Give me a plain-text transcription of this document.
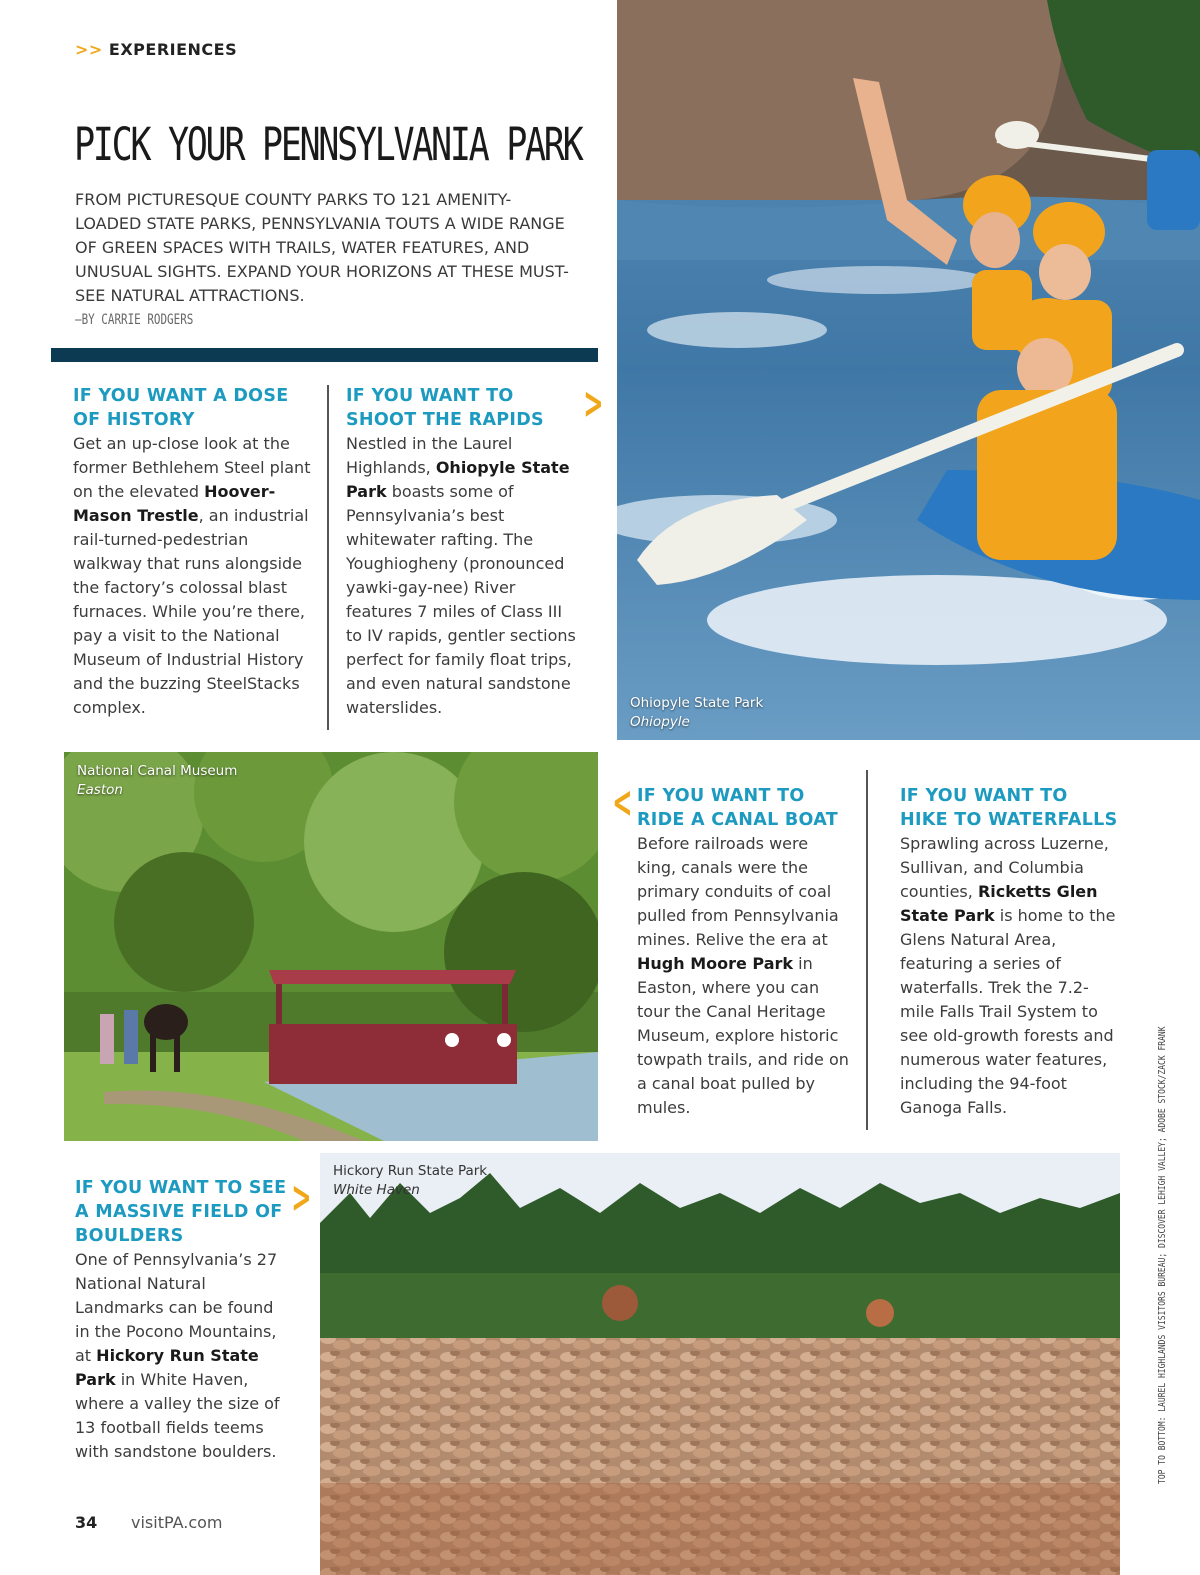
>> EXPERIENCES
PICK YOUR PENNSYLVANIA PARK
FROM PICTURESQUE COUNTY PARKS TO 121 AMENITY-LOADED STATE PARKS, PENNSYLVANIA TOUTS A WIDE RANGE OF GREEN SPACES WITH TRAILS, WATER FEATURES, AND UNUSUAL SIGHTS. EXPAND YOUR HORIZONS AT THESE MUST-SEE NATURAL ATTRACTIONS.
—BY CARRIE RODGERS
IF YOU WANT A DOSE OF HISTORY
Get an up-close look at the former Bethlehem Steel plant on the elevated Hoover-Mason Trestle, an industrial rail-turned-pedestrian walkway that runs alongside the factory’s colossal blast furnaces. While you’re there, pay a visit to the National Museum of Industrial History and the buzzing SteelStacks complex.
IF YOU WANT TO SHOOT THE RAPIDS
Nestled in the Laurel Highlands, Ohiopyle State Park boasts some of Pennsylvania’s best whitewater rafting. The Youghiogheny (pronounced yawki-gay-nee) River features 7 miles of Class III to IV rapids, gentler sections perfect for family float trips, and even natural sandstone waterslides.
>
Ohiopyle State Park
Ohiopyle
National Canal Museum
Easton	< IF YOU WANT TO RIDE A CANAL BOAT
Before railroads were king, canals were the primary conduits of coal pulled from Pennsylvania mines. Relive the era at Hugh Moore Park in Easton, where you can tour the Canal Heritage Museum, explore historic towpath trails, and ride on a canal boat pulled by mules.
IF YOU WANT TO HIKE TO WATERFALLS
Sprawling across Luzerne, Sullivan, and Columbia counties, Ricketts Glen State Park is home to the Glens Natural Area, featuring a series of waterfalls. Trek the 7.2-mile Falls Trail System to see old-growth forests and numerous water features, including the 94-foot Ganoga Falls.
IF YOU WANT TO SEE A MASSIVE FIELD OF BOULDERS
One of Pennsylvania’s 27 National Natural Landmarks can be found in the Pocono Mountains, at Hickory Run State Park in White Haven, where a valley the size of 13 football fields teems with sandstone boulders.
>
Hickory Run State Park
White Haven
34 visitPA.com
TOP TO BOTTOM: LAUREL HIGHLANDS VISITORS BUREAU; DISCOVER LEHIGH VALLEY; ADOBE STOCK/ZACK FRANK
